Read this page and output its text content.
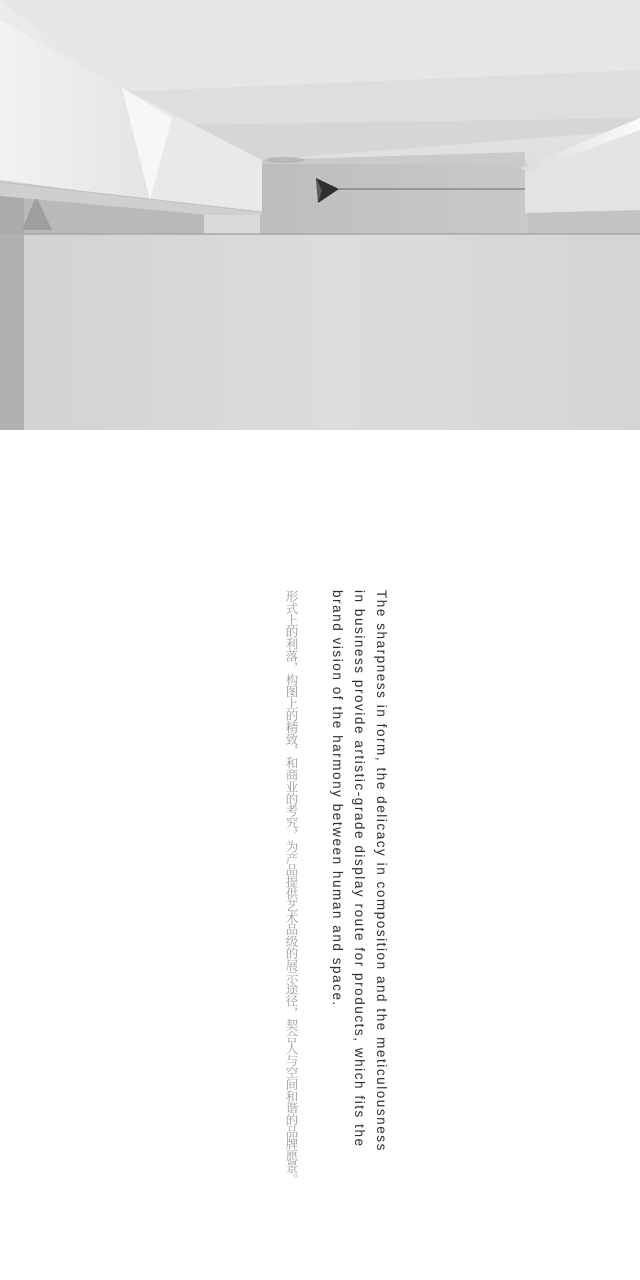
The sharpness in form, the delicacy in composition and the meticulousness
in business provide artistic-grade display route for products, which fits the
brand vision of the harmony between human and space.
形式上的利落，构图上的精致，和商业的考究，为产品提供艺术品级的展示途径，契合人与空间和谐的品牌愿景。
